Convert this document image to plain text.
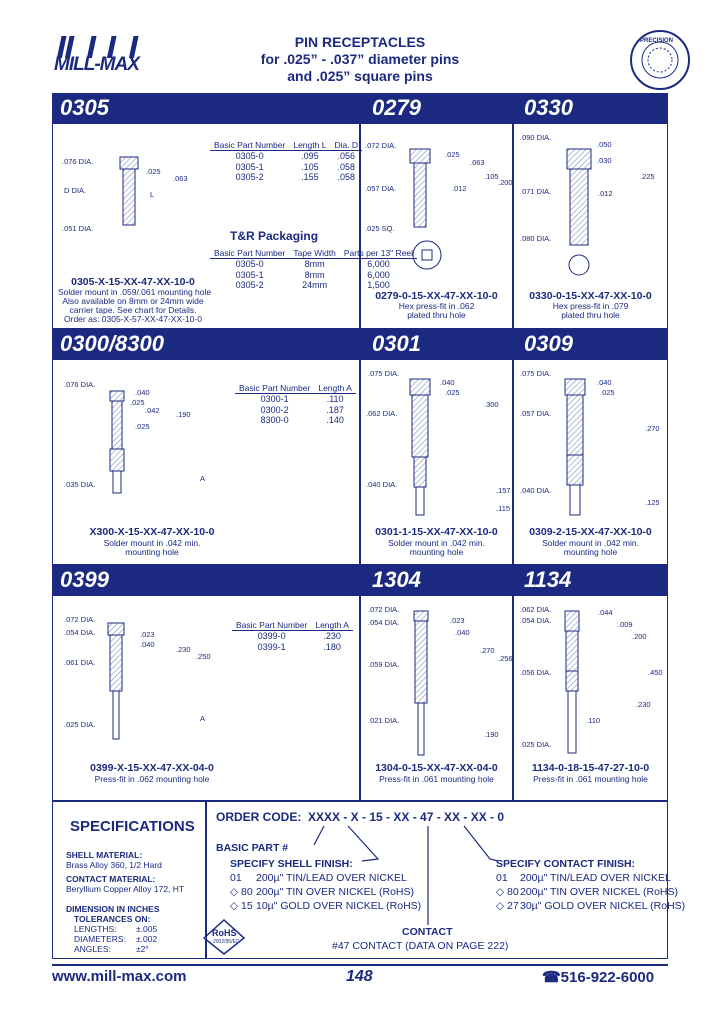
MILL-MAX
PIN RECEPTACLES
for .025” - .037” diameter pins
and .025” square pins
PRECISION
0305	0279	0330
0300/8300	0301	0309
0399	1304	1134
.076 DIA.
.025
D DIA.
.063
L
.051 DIA.
Basic Part Number	Length L	Dia. D
0305-0	.095	.056
0305-1	.105	.058
0305-2	.155	.058
T&R Packaging
Basic Part Number	Tape Width	Parts per 13" Reel
0305-0	8mm	6,000
0305-1	8mm	6,000
0305-2	24mm	1,500
0305-X-15-XX-47-XX-10-0
Solder mount in .059/.061 mounting hole
Also available on 8mm or 24mm wide
carrier tape. See chart for Details.
Order as: 0305-X-57-XX-47-XX-10-0
.072 DIA.
.025
.063
.057 DIA.
.105
.012
.200
.025 SQ.
0279-0-15-XX-47-XX-10-0
Hex press-fit in .062
plated thru hole
.090 DIA.
.050
.030
.071 DIA.
.225
.012
.080 DIA.
0330-0-15-XX-47-XX-10-0
Hex press-fit in .079
plated thru hole
.076 DIA.
.040
.025
.042 .190
.025
.035 DIA.
A
Basic Part Number	Length A
0300-1	.110
0300-2	.187
8300-0	.140
X300-X-15-XX-47-XX-10-0
Solder mount in .042 min.
mounting hole
.075 DIA.
.040
.025
.062 DIA.
.300
.040 DIA.
.157
.115
0301-1-15-XX-47-XX-10-0
Solder mount in .042 min.
mounting hole
.075 DIA.
.040
.025
.057 DIA.
.270
.040 DIA.
.125
0309-2-15-XX-47-XX-10-0
Solder mount in .042 min.
mounting hole
.072 DIA.
.054 DIA.	.023
.040
.230
.250
.061 DIA.
A
.025 DIA.
Basic Part Number	Length A
0399-0	.230
0399-1	.180
0399-X-15-XX-47-XX-04-0
Press-fit in .062 mounting hole
.072 DIA.
.054 DIA.	.023
.040
.270
.256
.059 DIA.
.021 DIA.
.190
1304-0-15-XX-47-XX-04-0
Press-fit in .061 mounting hole
.062 DIA.
.054 DIA.
.044
.009
.200
.056 DIA.	.450
.230
.025 DIA.
.110
1134-0-18-15-47-27-10-0
Press-fit in .061 mounting hole
SPECIFICATIONS
SHELL MATERIAL:
Brass Alloy 360, 1/2 Hard
CONTACT MATERIAL:
Beryllium Copper Alloy 172, HT
DIMENSION IN INCHES
TOLERANCES ON:
LENGTHS: ±.005
DIAMETERS: ±.002
ANGLES:	±2°
RoHS
2002/95/EC
ORDER CODE: XXXX - X - 15 - XX - 47 - XX - XX - 0
BASIC PART #
SPECIFY SHELL FINISH:
01 200µ" TIN/LEAD OVER NICKEL
◇ 80 200µ" TIN OVER NICKEL (RoHS)
◇ 15 10µ" GOLD OVER NICKEL (RoHS)
SPECIFY CONTACT FINISH:
01 200µ" TIN/LEAD OVER NICKEL
◇ 80 200µ" TIN OVER NICKEL (RoHS)
◇ 27 30µ" GOLD OVER NICKEL (RoHS)
CONTACT
#47 CONTACT (DATA ON PAGE 222)
www.mill-max.com	148	☎516-922-6000
